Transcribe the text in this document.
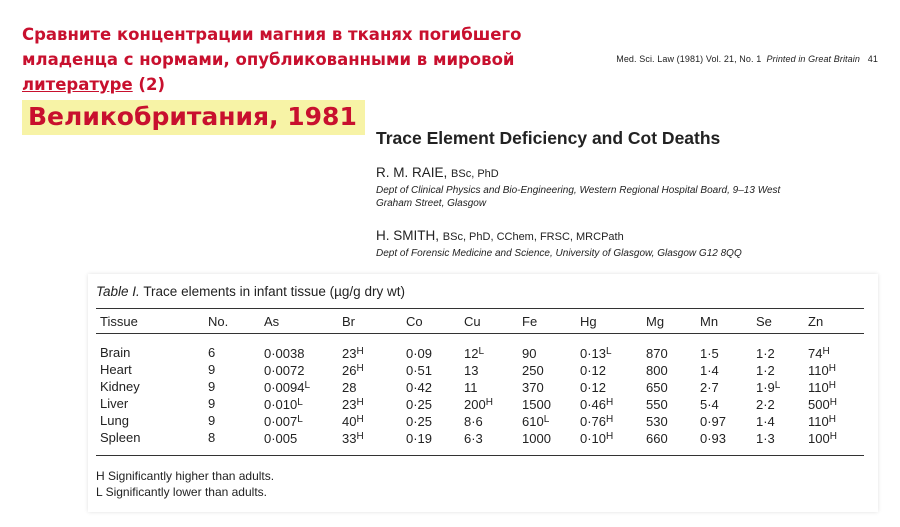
Сравните концентрации магния в тканях погибшего
младенца с нормами, опубликованными в мировой
литературе (2)
Великобритания, 1981
Med. Sci. Law (1981) Vol. 21, No. 1 Printed in Great Britain 41
Trace Element Deficiency and Cot Deaths
R. M. RAIE, BSc, PhD
Dept of Clinical Physics and Bio-Engineering, Western Regional Hospital Board, 9–13 West
Graham Street, Glasgow
H. SMITH, BSc, PhD, CChem, FRSC, MRCPath
Dept of Forensic Medicine and Science, University of Glasgow, Glasgow G12 8QQ
Table I. Trace elements in infant tissue (µg/g dry wt)
Tissue	No.	As	Br	Co	Cu	Fe	Hg	Mg	Mn	Se	Zn
Brain	6	0·0038	$23^H$	0·09	$12^L$	90	$0\cdot 13^L$	870	1·5	1·2	$74^H$
Heart	9	0·0072	$26^H$	0·51	13	250	0·12	800	1·4	1·2	$110^H$
Kidney	9	$0\cdot 0094^L$	28	0·42	11	370	0·12	650	2·7	$1\cdot 9^L$	$110^H$
Liver	9	$0\cdot 010^L$	$23^H$	0·25	$200^H$	1500	$0\cdot 46^H$	550	5·4	2·2	$500^H$
Lung	9	$0\cdot 007^L$	$40^H$	0·25	8·6	$610^L$	$0\cdot 76^H$	530	0·97	1·4	$110^H$
Spleen	8	0·005	$33^H$	0·19	6·3	1000	$0\cdot 10^H$	660	0·93	1·3	$100^H$
H Significantly higher than adults.
L Significantly lower than adults.
